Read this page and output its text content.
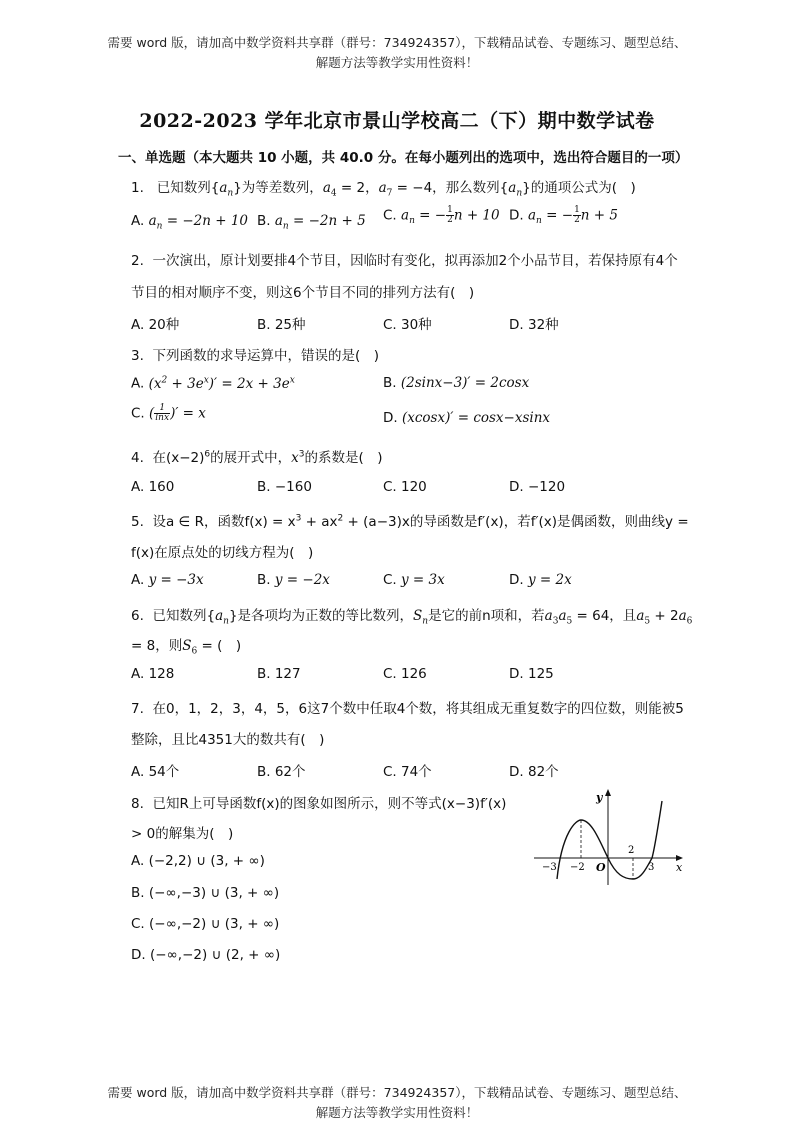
需要 word 版，请加高中数学资料共享群（群号：734924357），下载精品试卷、专题练习、题型总结、
解题方法等教学实用性资料！
2022-2023 学年北京市景山学校高二（下）期中数学试卷
一、单选题（本大题共 10 小题，共 40.0 分。在每小题列出的选项中，选出符合题目的一项）
1. 已知数列$\{a_n\}$为等差数列，$a_4 = 2$，$a_7 = -4$，那么数列$\{a_n\}$的通项公式为(　)
A. $a_n = -2n + 10$ B. $a_n = -2n + 5$ C. $a_n$ = − $\frac{1}{2}$ n + 10 D. $a_n$ = − $\frac{1}{2}$ n + 5
2. 一次演出，原计划要排4个节目，因临时有变化，拟再添加2个小品节目，若保持原有4个
节目的相对顺序不变，则这6个节目不同的排列方法有(　)
A. 20种	B. 25种	C. 30种	D. 32种
3. 下列函数的求导运算中，错误的是(　)
A. $(x^2 + 3e^x)' = 2x + 3e^x$	B. (2sinx−3)′ = 2cosx
C. ( $\frac{1}{\ln x}$ )′ = x	D. (xcosx)′ = cosx−xsinx
4. 在$(x-2)^6$的展开式中，$x^3$的系数是(　)
A. 160	B. −160	C. 120	D. −120
5. 设a ∈ R，函数$f(x) = x^3 + ax^2 + (a-3)x$的导函数是f′(x)，若f′(x)是偶函数，则曲线y =
f(x)在原点处的切线方程为(　)
A. y = −3x	B. y = −2x	C. y = 3x	D. y = 2x
6. 已知数列$\{a_n\}$是各项均为正数的等比数列，$S_n$是它的前n项和，若$a_3a_5 = 64$，且$a_5 + 2a_6$
= 8，则$S_6$ = (　)
A. 128	B. 127	C. 126	D. 125
7. 在0，1，2，3，4，5，6这7个数中任取4个数，将其组成无重复数字的四位数，则能被5
整除，且比4351大的数共有(　)
A. 54个	B. 62个	C. 74个	D. 82个
8. 已知R上可导函数f(x)的图象如图所示，则不等式(x−3)f′(x)
> 0的解集为(　)
A. (−2,2) ∪ (3, + ∞)
B. (−∞,−3) ∪ (3, + ∞)
C. (−∞,−2) ∪ (3, + ∞)
D. (−∞,−2) ∪ (2, + ∞)
y
x
O
−3 −2
2
3
需要 word 版，请加高中数学资料共享群（群号：734924357），下载精品试卷、专题练习、题型总结、
解题方法等教学实用性资料！
